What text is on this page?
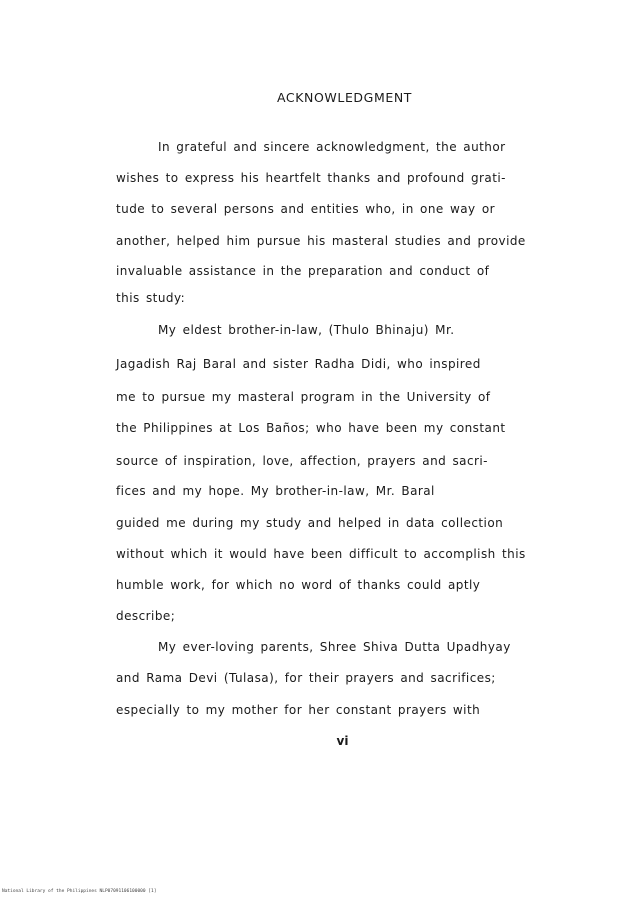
ACKNOWLEDGMENT
In grateful and sincere acknowledgment, the author
wishes to express his heartfelt thanks and profound grati-
tude to several persons and entities who, in one way or
another, helped him pursue his masteral studies and provide
invaluable assistance in the preparation and conduct of
this study:
My eldest brother-in-law, (Thulo Bhinaju) Mr.
Jagadish Raj Baral and sister Radha Didi, who inspired
me to pursue my masteral program in the University of
the Philippines at Los Baños; who have been my constant
source of inspiration, love, affection, prayers and sacri-
fices and my hope. My brother-in-law, Mr. Baral
guided me during my study and helped in data collection
without which it would have been difficult to accomplish this
humble work, for which no word of thanks could aptly
describe;
My ever-loving parents, Shree Shiva Dutta Upadhyay
and Rama Devi (Tulasa), for their prayers and sacrifices;
especially to my mother for her constant prayers with
vi
National Library of the Philippines NLP07091106100000 [1]
